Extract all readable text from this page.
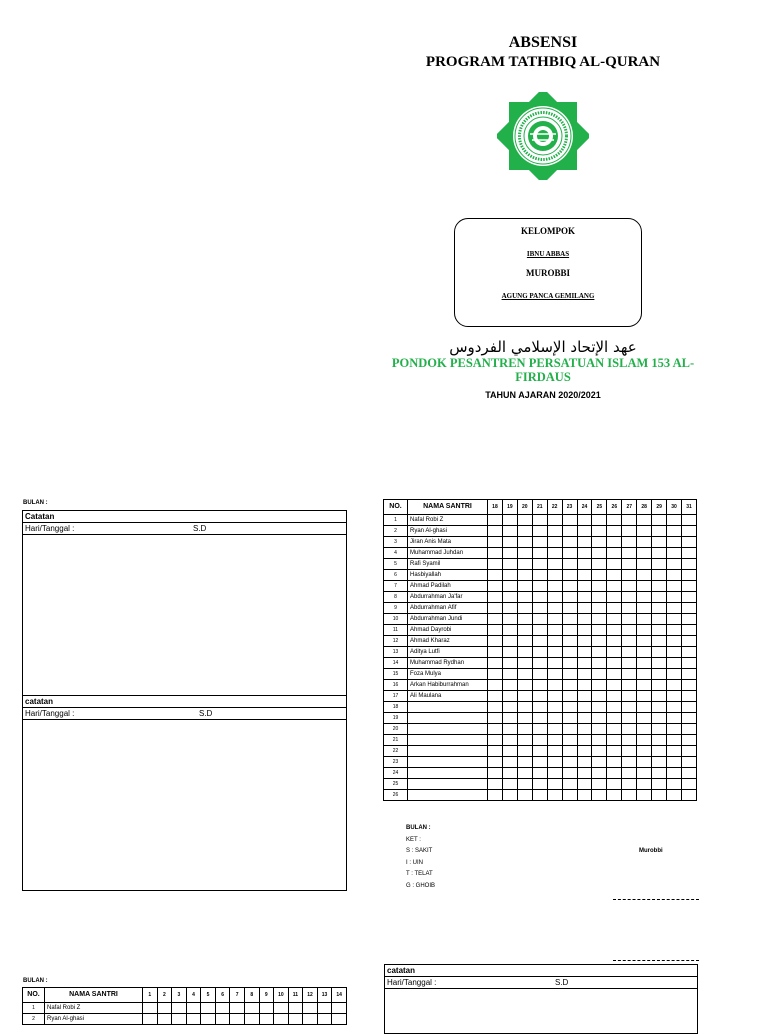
ABSENSI
PROGRAM TATHBIQ AL-QURAN
KELOMPOK
IBNU ABBAS
MUROBBI
AGUNG PANCA GEMILANG
عهد الإتحاد الإسلامي الفردوس
PONDOK PESANTREN PERSATUAN ISLAM 153 AL-FIRDAUS
TAHUN AJARAN 2020/2021
BULAN :
Catatan
Hari/Tanggal :	S.D
catatan
Hari/Tanggal :	S.D
NO.	NAMA SANTRI	18	19	20	21	22	23	24	25	26	27	28	29	30	31
1	Nafal Robi Z														
2	Ryan Al-ghasi														
3	Jiran Anis Mata														
4	Muhammad Juhdan														
5	Rafi Syamil														
6	Hasbiyallah														
7	Ahmad Padilah														
8	Abdurrahman Ja'far														
9	Abdurrahman Afif														
10	Abdurrahman Jundi														
11	Ahmad Dayrobi														
12	Ahmad Kharaz														
13	Aditya Lutfi														
14	Muhammad Rydhan														
15	Foza Mulya														
16	Arkan Habiburrahman														
17	Ali Maulana														
18															
19															
20															
21															
22															
23															
24															
25															
26															
BULAN :
KET :
S : SAKIT
I : UIN
T : TELAT
G : GHOIB
Murobbi
BULAN :
NO.	NAMA SANTRI	1	2	3	4	5	6	7	8	9	10	11	12	13	14
1	Nafal Robi Z														
2	Ryan Al-ghasi														
catatan
Hari/Tanggal :	S.D
